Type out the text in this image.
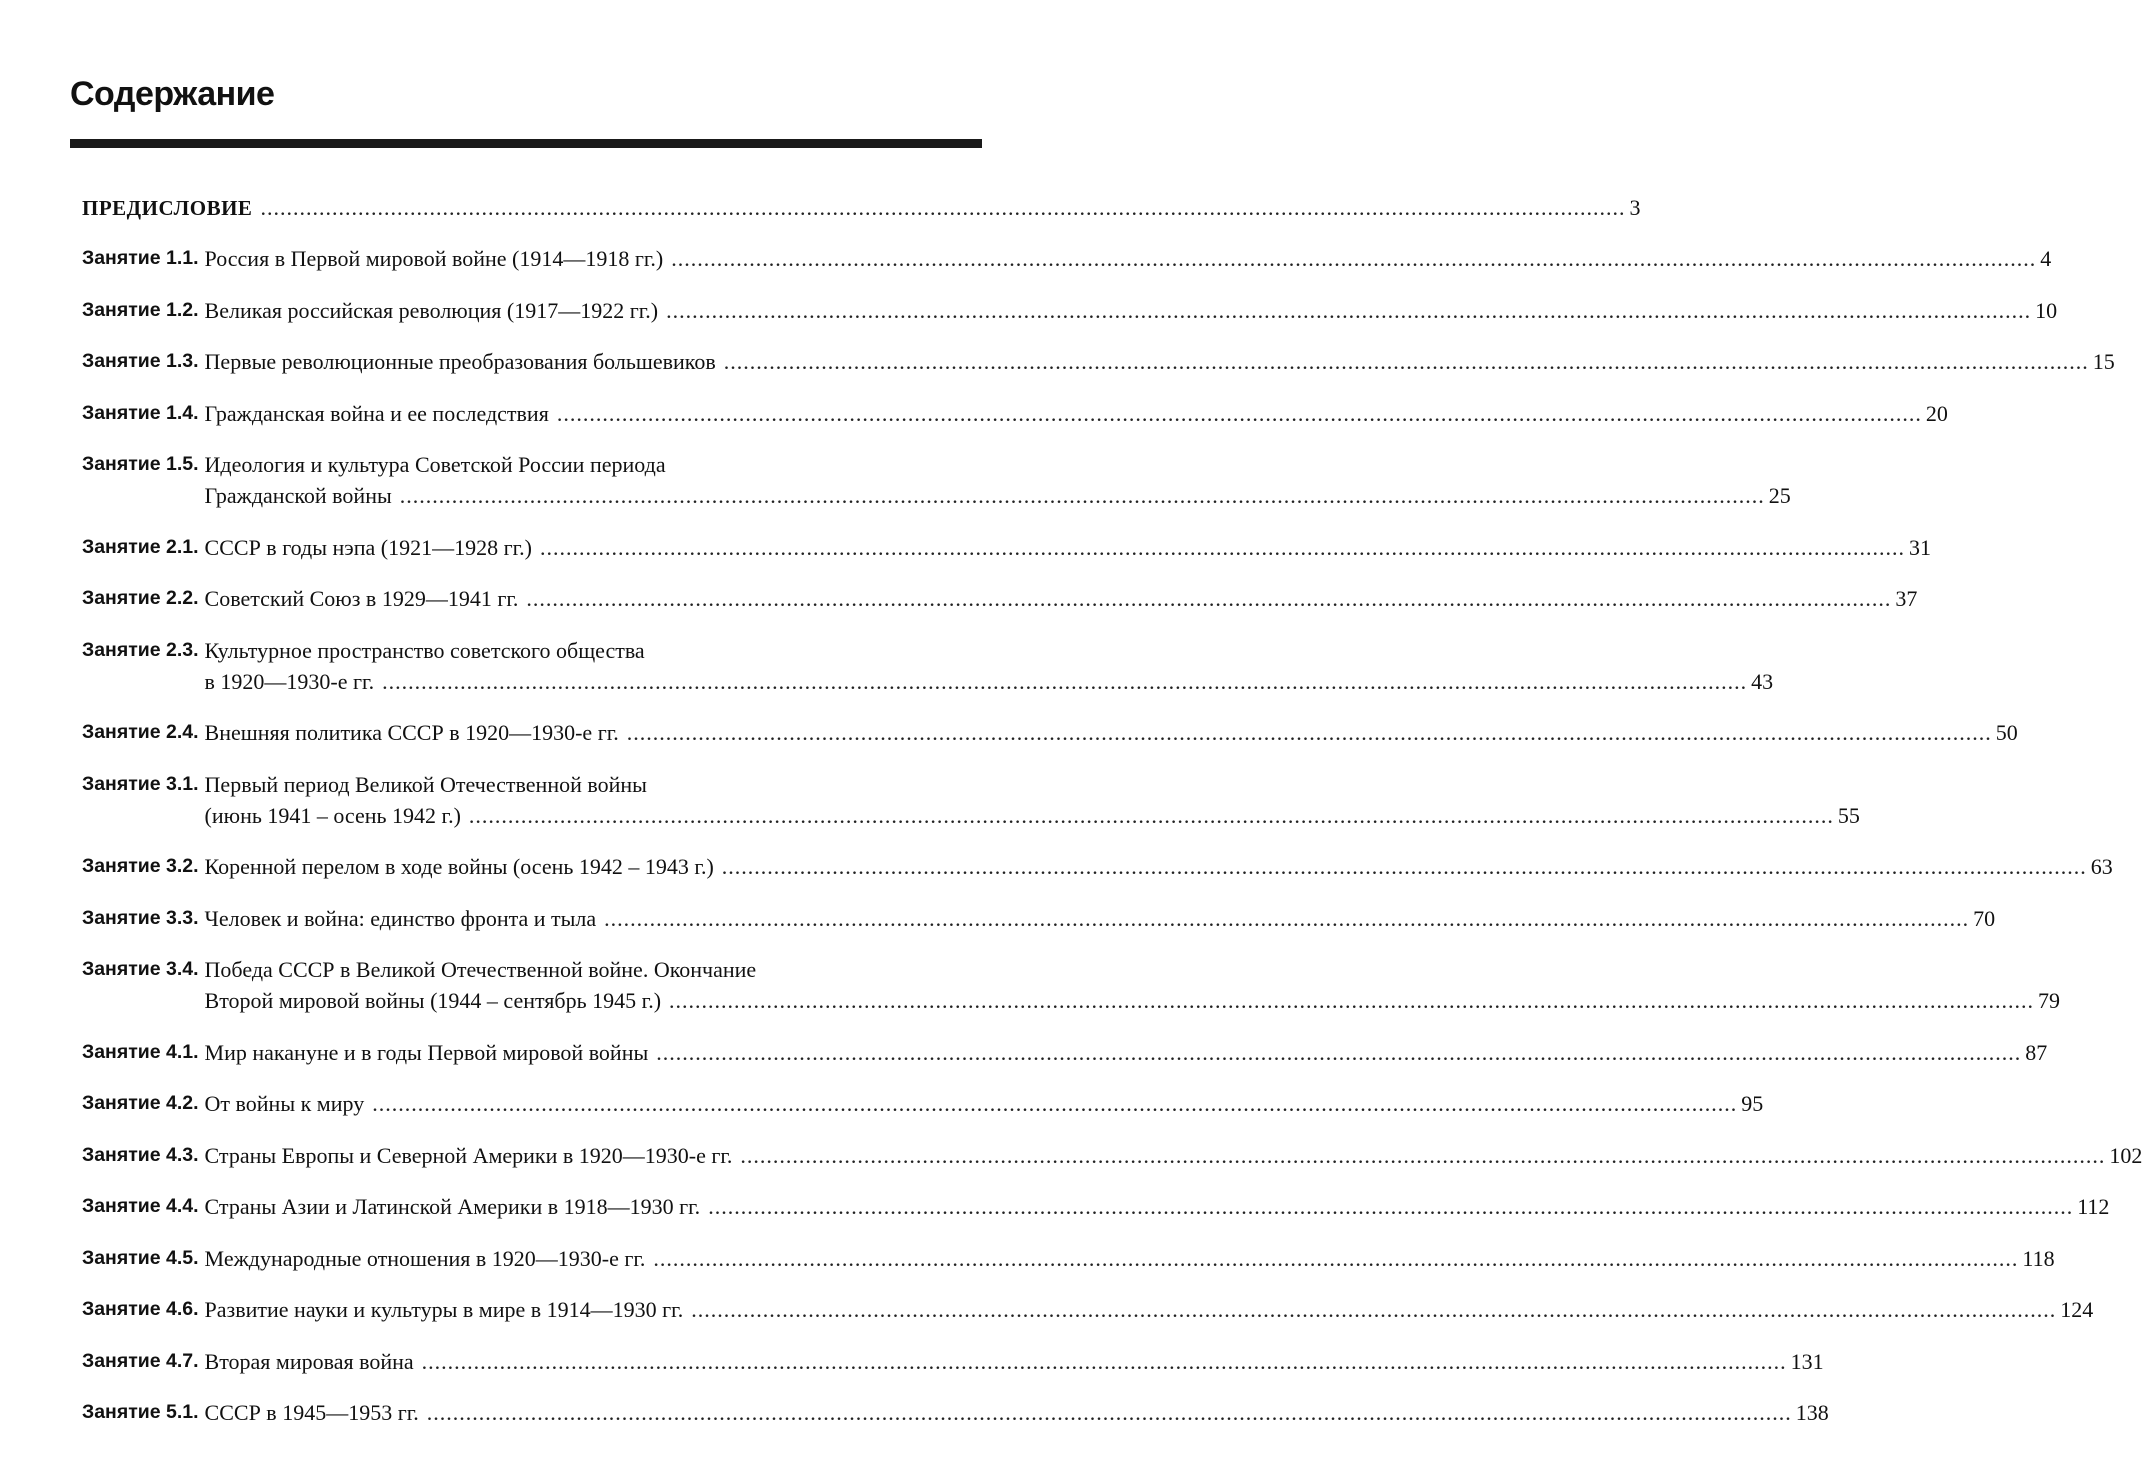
Содержание
ПРЕДИСЛОВИЕ .....	3
Занятие 1.1. Россия в Первой мировой войне (1914—1918 гг.) .....	4
Занятие 1.2. Великая российская революция (1917—1922 гг.) .....	10
Занятие 1.3. Первые революционные преобразования большевиков .....	15
Занятие 1.4. Гражданская война и ее последствия .....	20
Занятие 1.5. Идеология и культура Советской России периода
Гражданской войны .....	25
Занятие 2.1. СССР в годы нэпа (1921—1928 гг.) .....	31
Занятие 2.2. Советский Союз в 1929—1941 гг. .....	37
Занятие 2.3. Культурное пространство советского общества
в 1920—1930-е гг. .....	43
Занятие 2.4. Внешняя политика СССР в 1920—1930-е гг. .....	50
Занятие 3.1. Первый период Великой Отечественной войны
(июнь 1941 – осень 1942 г.) .....	55
Занятие 3.2. Коренной перелом в ходе войны (осень 1942 – 1943 г.) .....	63
Занятие 3.3. Человек и война: единство фронта и тыла .....	70
Занятие 3.4. Победа СССР в Великой Отечественной войне. Окончание
Второй мировой войны (1944 – сентябрь 1945 г.) .....	79
Занятие 4.1. Мир накануне и в годы Первой мировой войны .....	87
Занятие 4.2. От войны к миру .....	95
Занятие 4.3. Страны Европы и Северной Америки в 1920—1930-е гг. .....	102
Занятие 4.4. Страны Азии и Латинской Америки в 1918—1930 гг. .....	112
Занятие 4.5. Международные отношения в 1920—1930-е гг. .....	118
Занятие 4.6. Развитие науки и культуры в мире в 1914—1930 гг. .....	124
Занятие 4.7. Вторая мировая война .....	131
Занятие 5.1. СССР в 1945—1953 гг. .....	138
